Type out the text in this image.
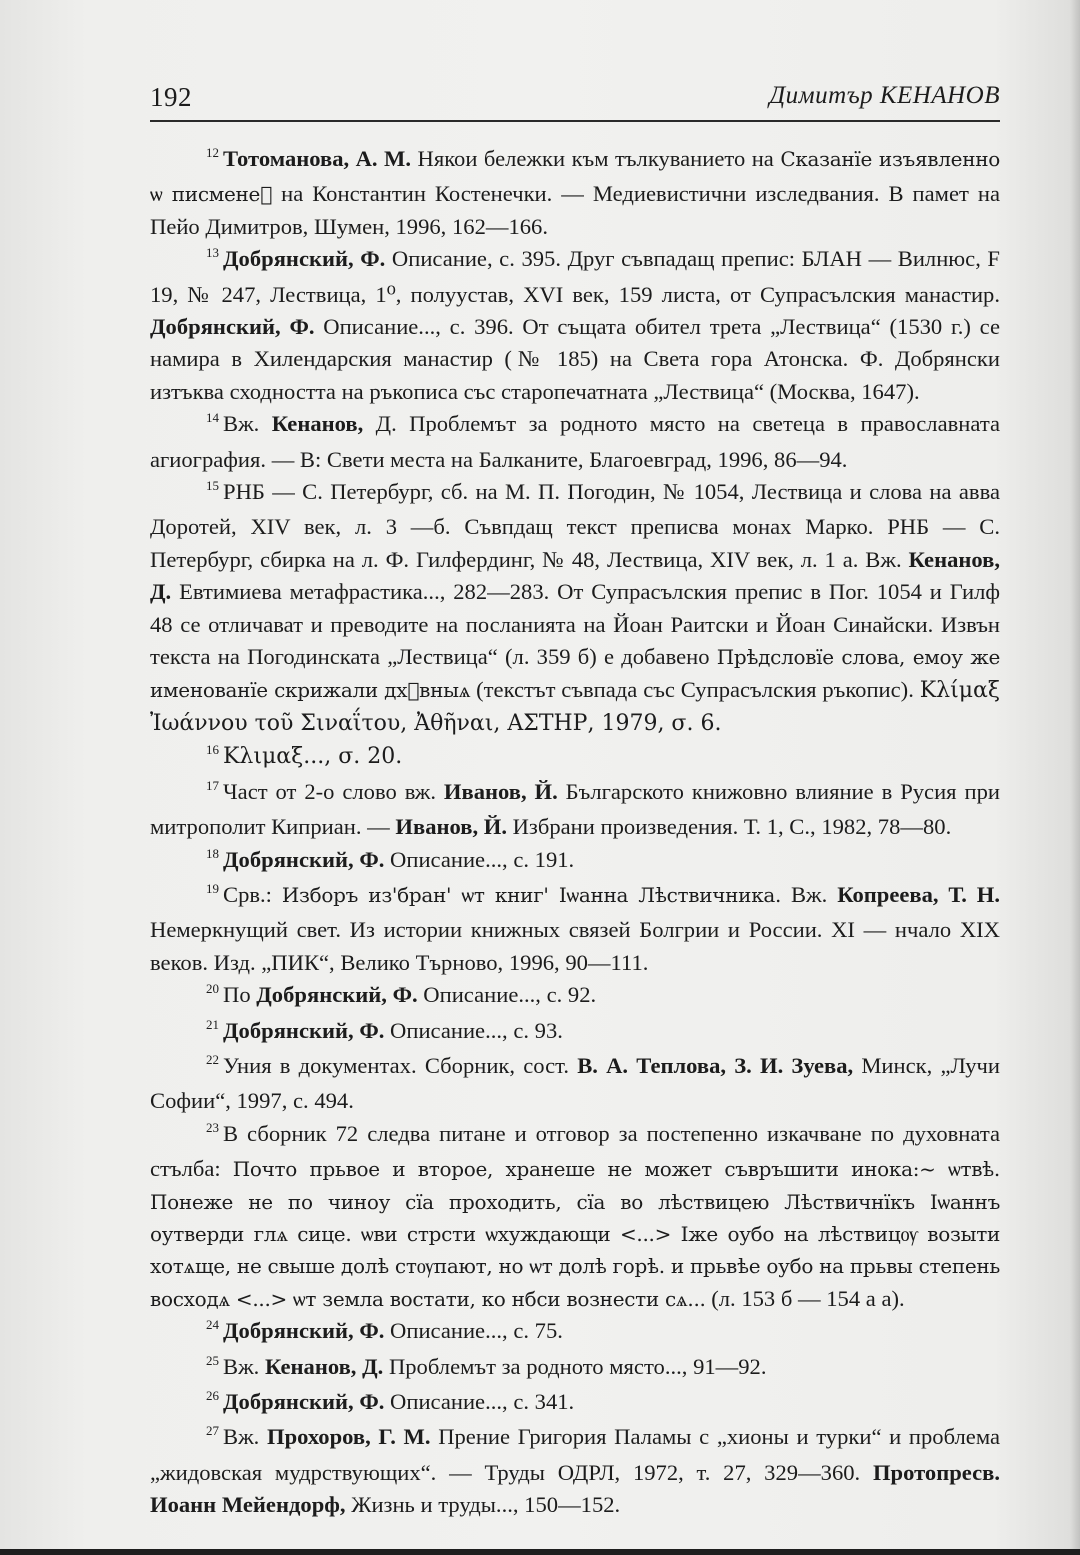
192	Димитър КЕНАНОВ

$^{12}$ Тотоманова, А. М. Някои бележки към тълкуванието на Сказанїе изъявленно ѡ писменеⷯ на Константин Костенечки. — Медиевистични изследвания. В памет на Пейо Димитров, Шумен, 1996, 162—166.

$^{13}$ Добрянский, Ф. Описание, с. 395. Друг съвпадащ препис: БЛАН — Вилнюс, F 19, № 247, Лествица, 1⁰, полуустав, XVI век, 159 листа, от Супрасълския манастир. Добрянский, Ф. Описание..., с. 396. От същата обител трета „Лествица“ (1530 г.) се намира в Хилендарския манастир (№ 185) на Света гора Атонска. Ф. Добрянски изтъква сходността на ръкописа със старопечатната „Лествица“ (Москва, 1647).

$^{14}$ Вж. Кенанов, Д. Проблемът за родното място на светеца в православната агиография. — В: Свети места на Балканите, Благоевград, 1996, 86—94.

$^{15}$ РНБ — С. Петербург, сб. на М. П. Погодин, № 1054, Лествица и слова на авва Доротей, XIV век, л. 3 —б. Съвпдащ текст преписва монах Марко. РНБ — С. Петербург, сбирка на л. Ф. Гилфердинг, № 48, Лествица, XIV век, л. 1 а. Вж. Кенанов, Д. Евтимиева метафрастика..., 282—283. От Супрасълския препис в Пог. 1054 и Гилф 48 се отличават и преводите на посланията на Йоан Раитски и Йоан Синайски. Извън текста на Погодинската „Лествица“ (л. 359 б) е добавено Прѣдсловїе слова, емоу же именованїе скрижали дхⷪвныѧ (текстът съвпада със Супрасълския ръкопис). Κλίμαξ Ἰωάννου τοῦ Σιναΐτου, Ἀθῆναι, ΑΣΤΗΡ, 1979, σ. 6.

$^{16}$ Κλιμαξ..., σ. 20.

$^{17}$ Част от 2-о слово вж. Иванов, Й. Българското книжовно влияние в Русия при митрополит Киприан. — Иванов, Й. Избрани произведения. Т. 1, С., 1982, 78—80.

$^{18}$ Добрянский, Ф. Описание..., с. 191.

$^{19}$ Срв.: Изборъ из'бран' ѡт книг' Іѡанна Лѣствичника. Вж. Копреева, Т. Н. Немеркнущий свет. Из истории книжных связей Болгрии и России. XI — нчало XIX веков. Изд. „ПИК“, Велико Търново, 1996, 90—111.

$^{20}$ По Добрянский, Ф. Описание..., с. 92.

$^{21}$ Добрянский, Ф. Описание..., с. 93.

$^{22}$ Уния в документах. Сборник, сост. В. А. Теплова, З. И. Зуева, Минск, „Лучи Софии“, 1997, с. 494.

$^{23}$ В сборник 72 следва питане и отговор за постепенно изкачване по духовната стълба: Почто прьвое и второе, хранеше не может съвръшити инока:~ ѡтвѣ. Понеже не по чиноу сїа проходить, сїа во лѣствицею Лѣствичнїкъ Іѡаннъ оутверди глѧ сице. ѡви стрсти ѡхуждающи <...> Іже оубо на лѣствицѹ возыти хотѧще, не свыше долѣ стѹпают, но ѡт долѣ горѣ. и прьвѣе оубо на прьвы степень восходѧ <...> ѡт земла востати, ко нбси вознести сѧ... (л. 153 б — 154 а а).

$^{24}$ Добрянский, Ф. Описание..., с. 75.

$^{25}$ Вж. Кенанов, Д. Проблемът за родното място..., 91—92.

$^{26}$ Добрянский, Ф. Описание..., с. 341.

$^{27}$ Вж. Прохоров, Г. М. Прение Григория Паламы с „хионы и турки“ и проблема „жидовская мудрствующих“. — Труды ОДРЛ, 1972, т. 27, 329—360. Протопресв. Иоанн Мейендорф, Жизнь и труды..., 150—152.
